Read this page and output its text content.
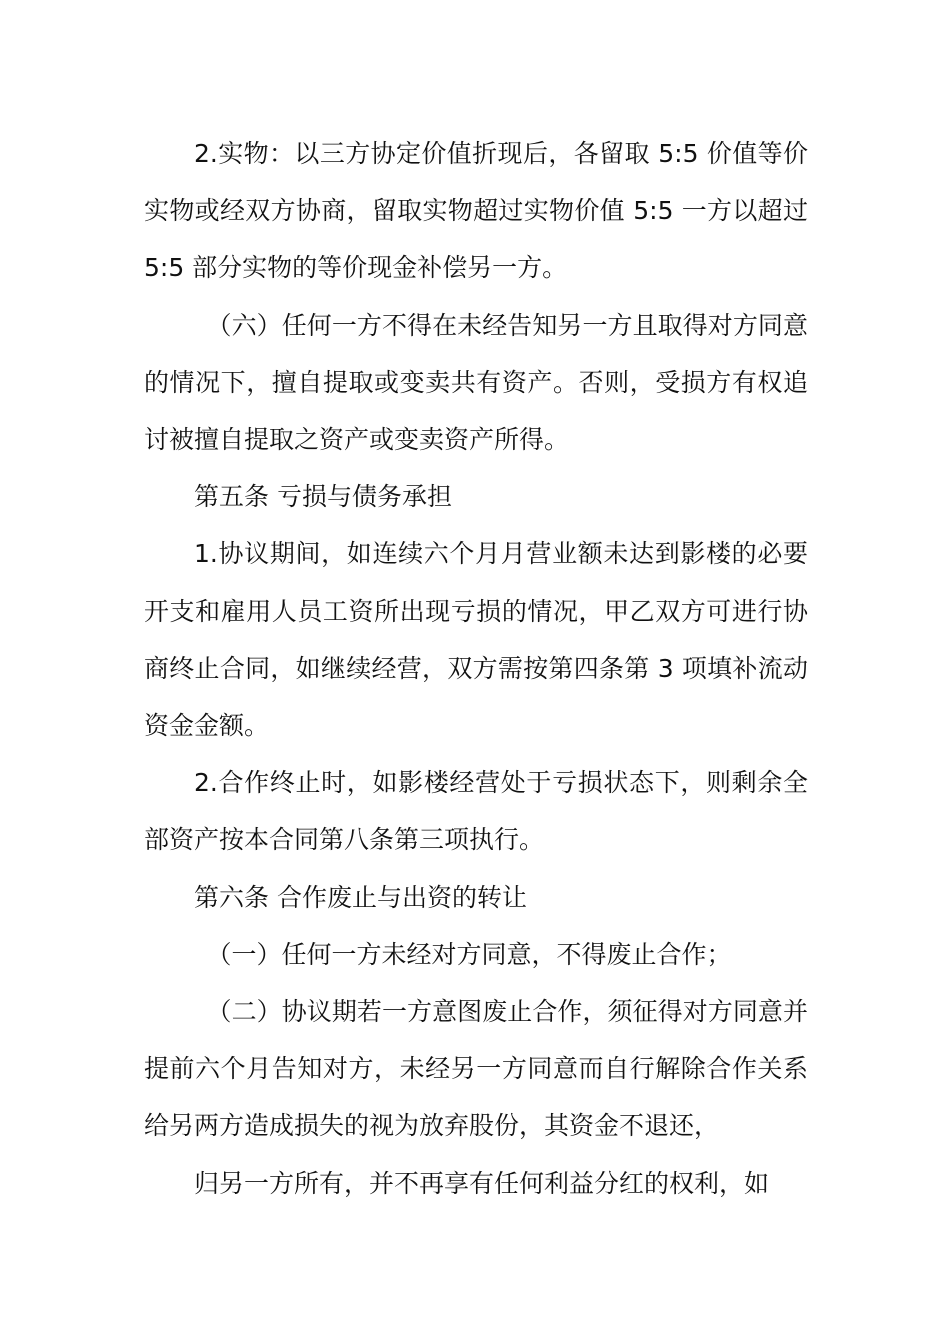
2.实物：以三方协定价值折现后，各留取 5:5 价值等价实物或经双方协商，留取实物超过实物价值 5:5 一方以超过 5:5 部分实物的等价现金补偿另一方。

（六）任何一方不得在未经告知另一方且取得对方同意的情况下，擅自提取或变卖共有资产。否则，受损方有权追讨被擅自提取之资产或变卖资产所得。

第五条 亏损与债务承担

1.协议期间，如连续六个月月营业额未达到影楼的必要开支和雇用人员工资所出现亏损的情况，甲乙双方可进行协商终止合同，如继续经营，双方需按第四条第 3 项填补流动资金金额。

2.合作终止时，如影楼经营处于亏损状态下，则剩余全部资产按本合同第八条第三项执行。

第六条 合作废止与出资的转让

（一）任何一方未经对方同意，不得废止合作；

（二）协议期若一方意图废止合作，须征得对方同意并提前六个月告知对方，未经另一方同意而自行解除合作关系给另两方造成损失的视为放弃股份，其资金不退还，

归另一方所有，并不再享有任何利益分红的权利，如
